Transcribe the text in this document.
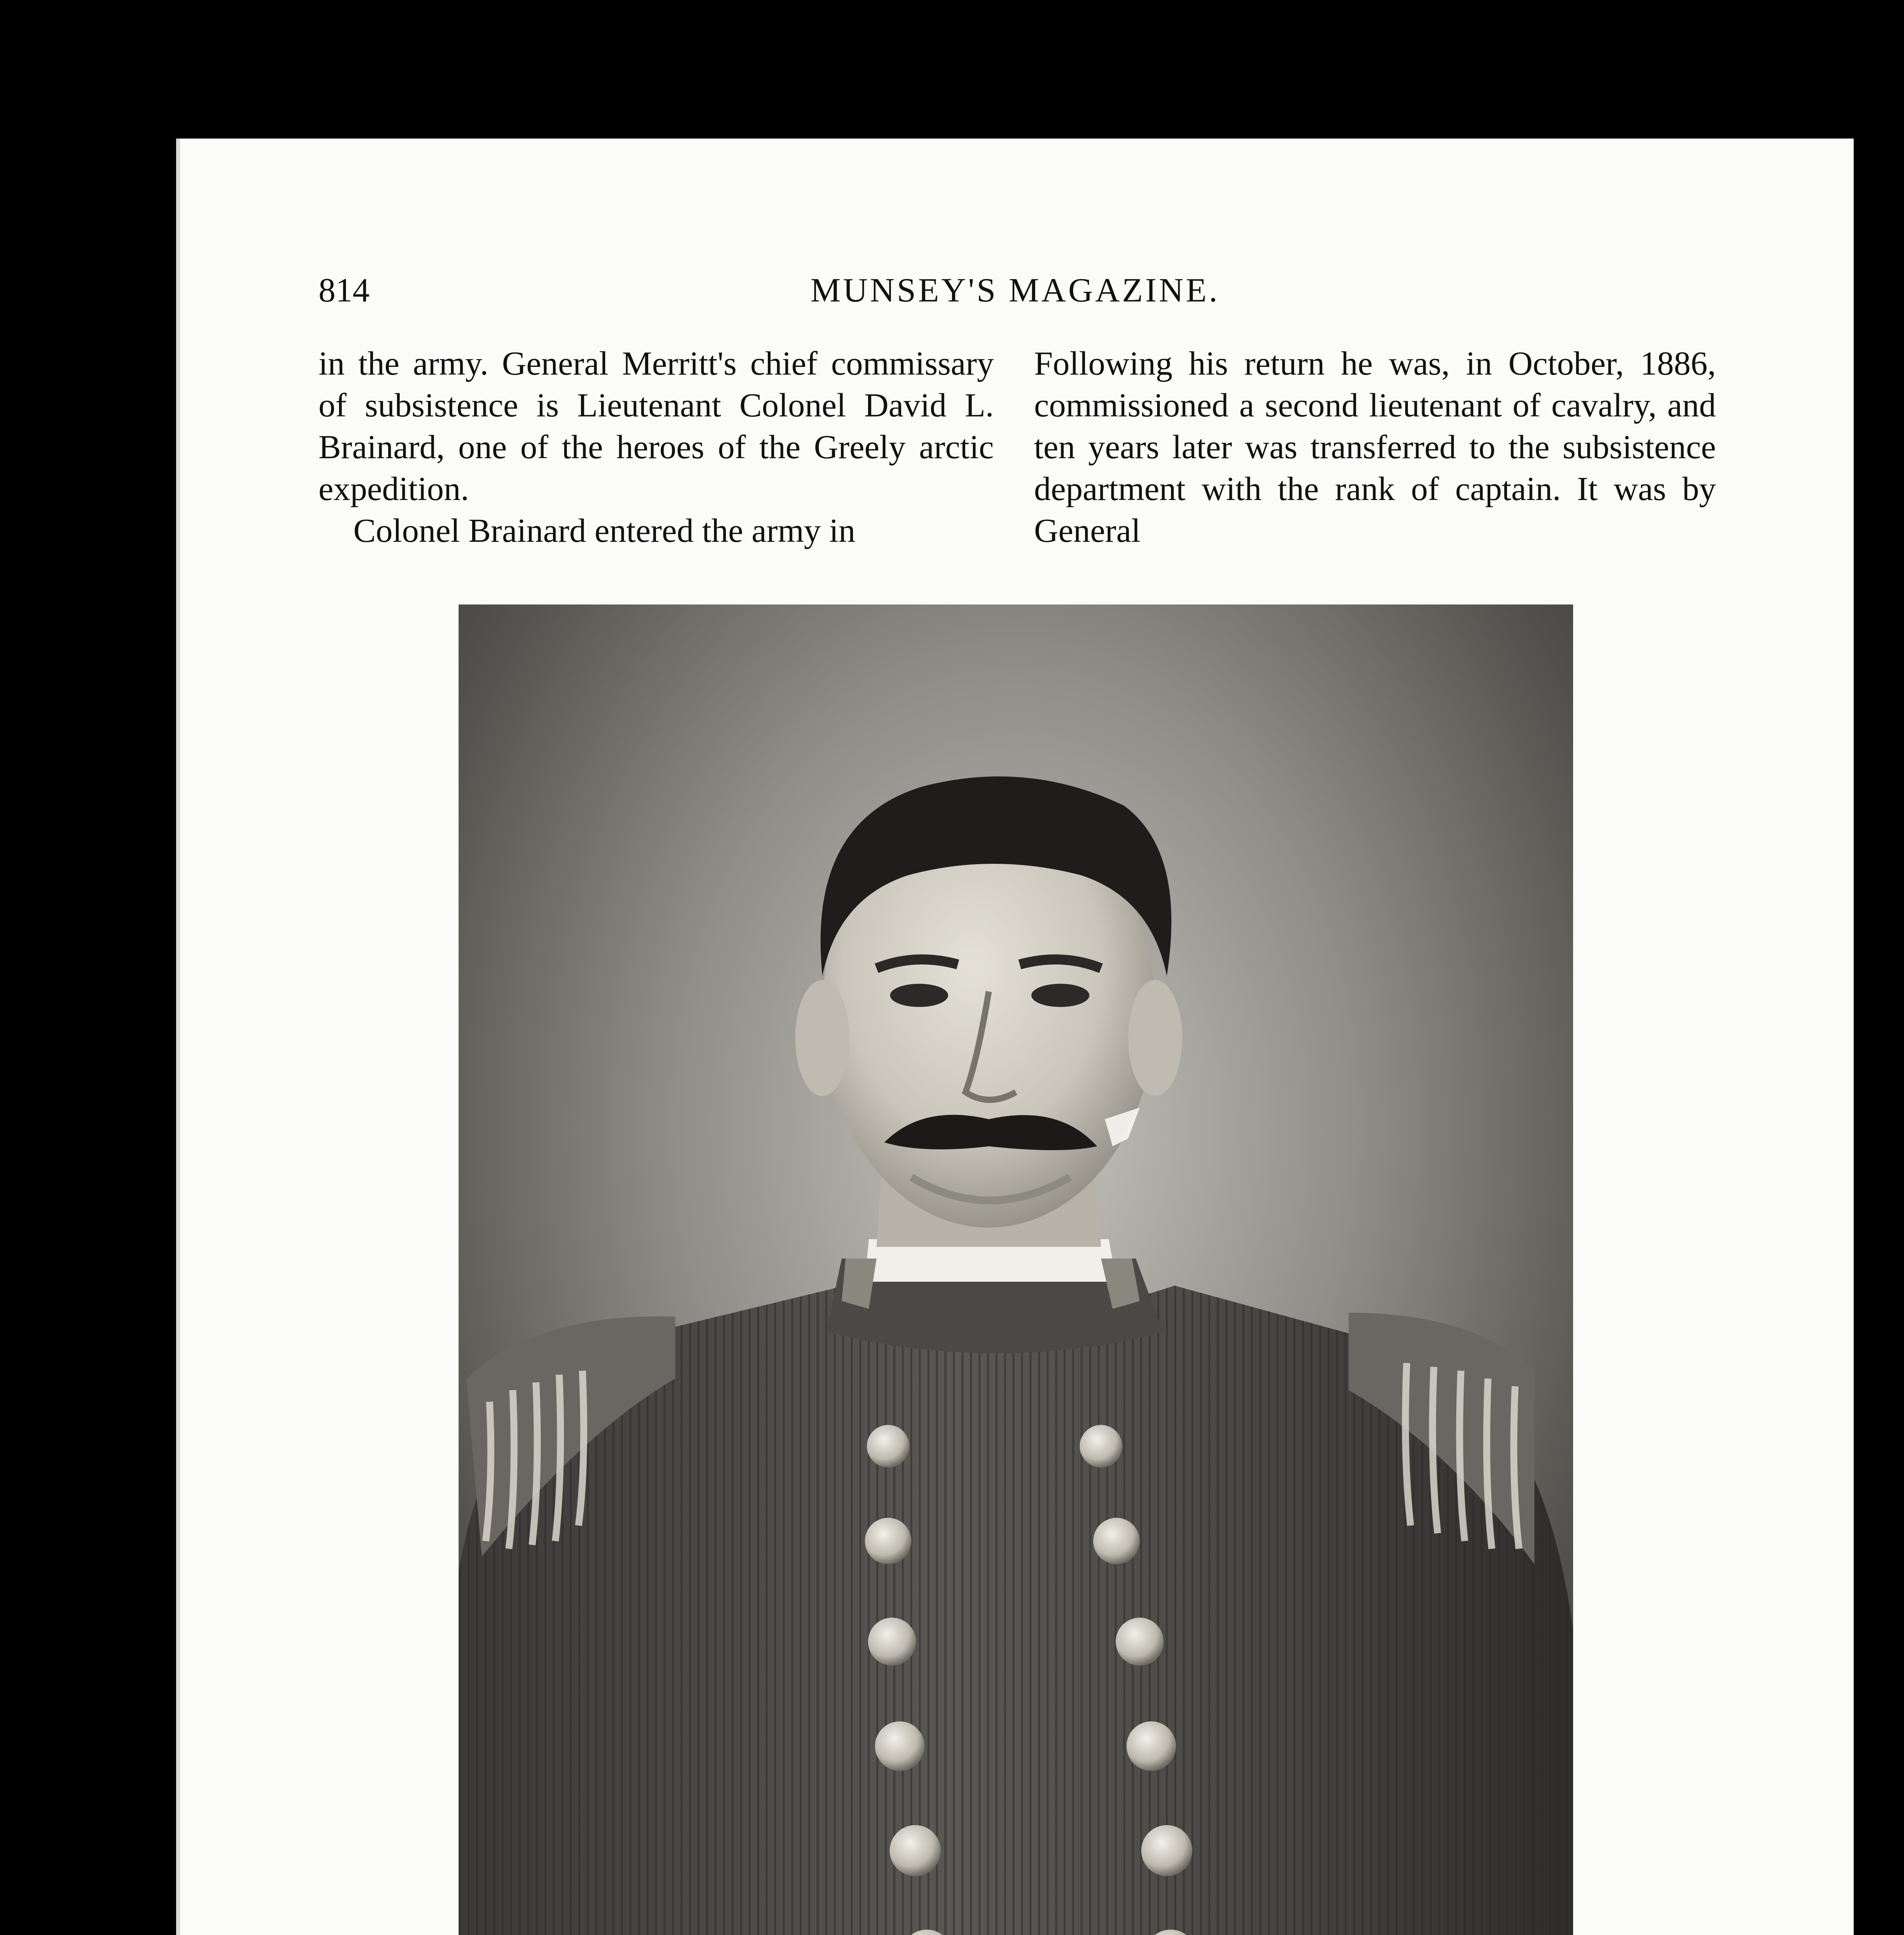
814	MUNSEY'S MAGAZINE.

in the army. General Merritt's chief commissary of subsistence is Lieutenant Colonel David L. Brainard, one of the heroes of the Greely arctic expedition.

Colonel Brainard entered the army in

Following his return he was, in October, 1886, commissioned a second lieutenant of cavalry, and ten years later was transferred to the subsistence department with the rank of captain. It was by General
